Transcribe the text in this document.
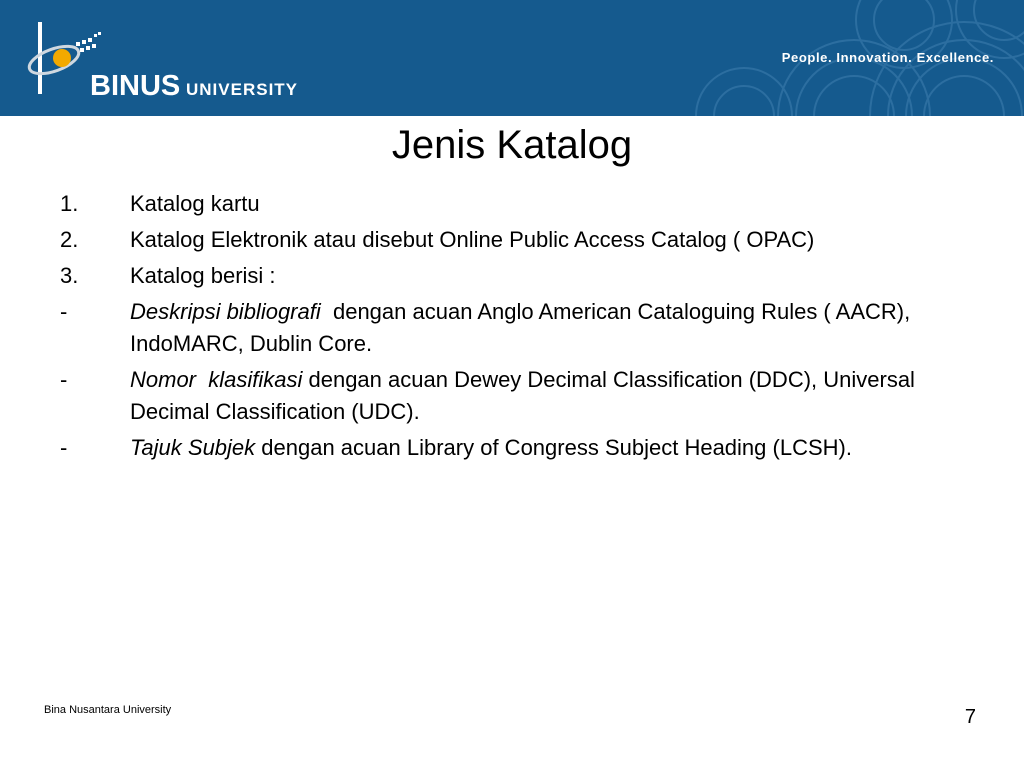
BINUS UNIVERSITY
People. Innovation. Excellence.
Jenis Katalog
1.	Katalog kartu
2.	Katalog Elektronik atau disebut Online Public Access Catalog ( OPAC)
3.	Katalog berisi :
-	Deskripsi bibliografi  dengan acuan Anglo American Cataloguing Rules ( AACR), IndoMARC, Dublin Core.
-	Nomor  klasifikasi dengan acuan Dewey Decimal Classification (DDC), Universal Decimal Classification (UDC).
-	Tajuk Subjek dengan acuan Library of Congress Subject Heading (LCSH).
Bina Nusantara University	7
